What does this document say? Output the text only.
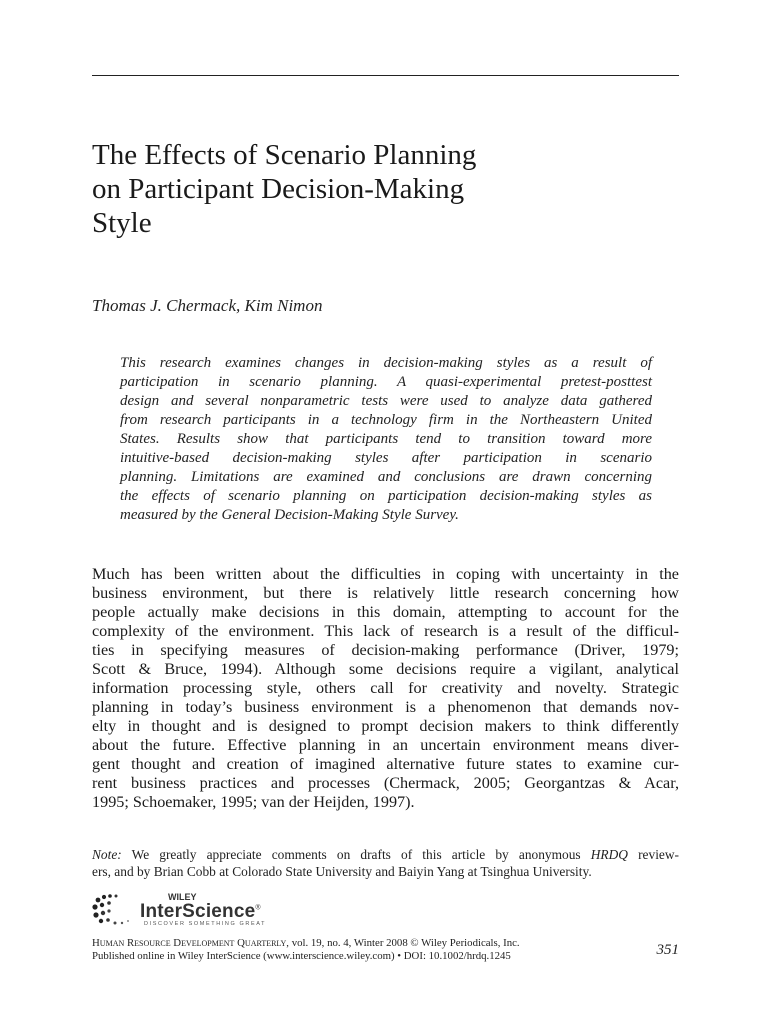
The Effects of Scenario Planning
on Participant Decision-Making
Style
Thomas J. Chermack, Kim Nimon
This research examines changes in decision-making styles as a result of
participation in scenario planning. A quasi-experimental pretest-posttest
design and several nonparametric tests were used to analyze data gathered
from research participants in a technology firm in the Northeastern United
States. Results show that participants tend to transition toward more
intuitive-based decision-making styles after participation in scenario
planning. Limitations are examined and conclusions are drawn concerning
the effects of scenario planning on participation decision-making styles as
measured by the General Decision-Making Style Survey.
Much has been written about the difficulties in coping with uncertainty in the
business environment, but there is relatively little research concerning how
people actually make decisions in this domain, attempting to account for the
complexity of the environment. This lack of research is a result of the difficul-
ties in specifying measures of decision-making performance (Driver, 1979;
Scott & Bruce, 1994). Although some decisions require a vigilant, analytical
information processing style, others call for creativity and novelty. Strategic
planning in today’s business environment is a phenomenon that demands nov-
elty in thought and is designed to prompt decision makers to think differently
about the future. Effective planning in an uncertain environment means diver-
gent thought and creation of imagined alternative future states to examine cur-
rent business practices and processes (Chermack, 2005; Georgantzas & Acar,
1995; Schoemaker, 1995; van der Heijden, 1997).
Note: We greatly appreciate comments on drafts of this article by anonymous HRDQ review-
ers, and by Brian Cobb at Colorado State University and Baiyin Yang at Tsinghua University.
WILEY
InterScience®
DISCOVER SOMETHING GREAT
Human Resource Development Quarterly, vol. 19, no. 4, Winter 2008 © Wiley Periodicals, Inc.
Published online in Wiley InterScience (www.interscience.wiley.com) • DOI: 10.1002/hrdq.1245	351
